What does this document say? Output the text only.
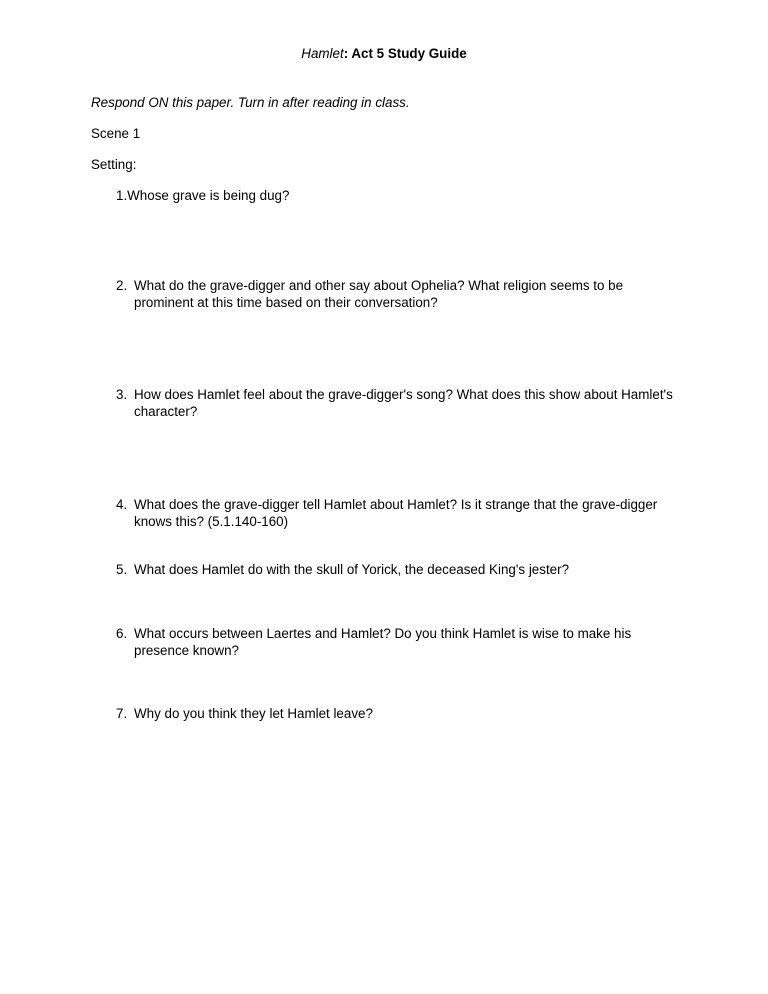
Hamlet: Act 5 Study Guide
Respond ON this paper. Turn in after reading in class.
Scene 1
Setting:
1.Whose grave is being dug?
2. What do the grave-digger and other say about Ophelia? What religion seems to be prominent at this time based on their conversation?
3. How does Hamlet feel about the grave-digger's song? What does this show about Hamlet's character?
4. What does the grave-digger tell Hamlet about Hamlet? Is it strange that the grave-digger knows this? (5.1.140-160)
5. What does Hamlet do with the skull of Yorick, the deceased King's jester?
6. What occurs between Laertes and Hamlet? Do you think Hamlet is wise to make his presence known?
7. Why do you think they let Hamlet leave?
